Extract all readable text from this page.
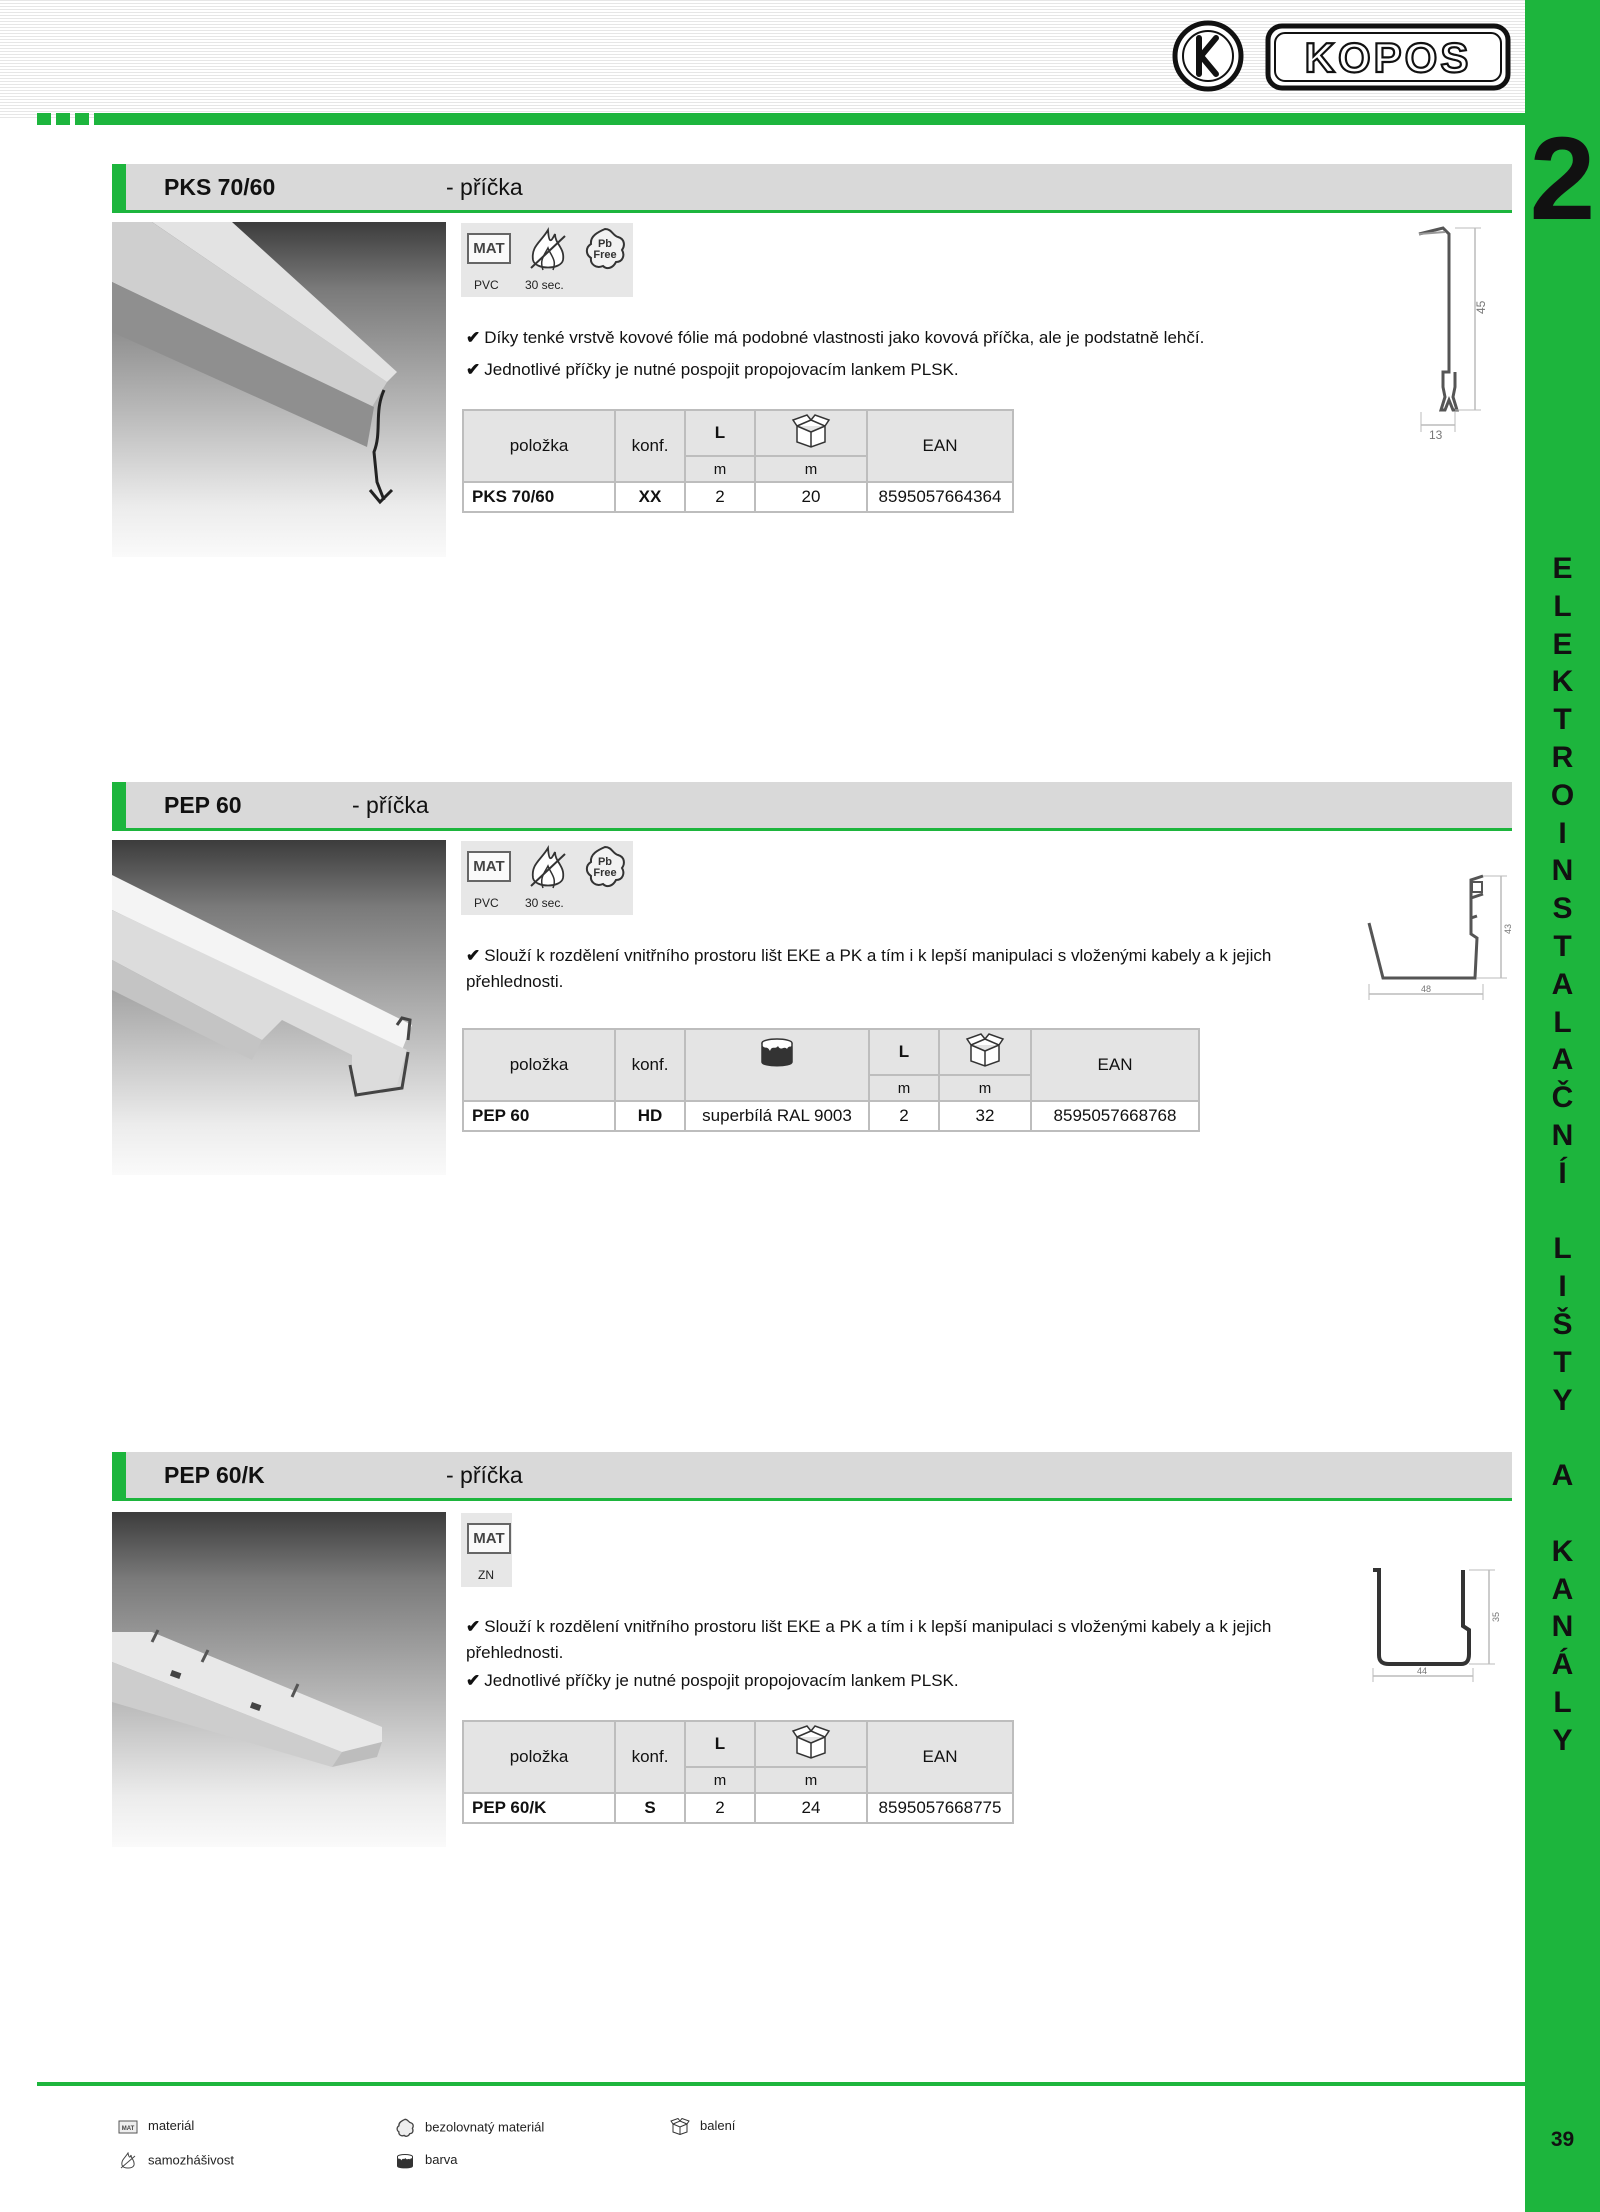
KOPOS
2
E
L
E
K
T
R
O
I
N
S
T
A
L
A
Č
N
Í
L
I
Š
T
Y
A
K
A
N
Á
L
Y
39
PKS 70/60	- příčka
MAT	Pb
Free
PVC 30 sec.
✔ Díky tenké vrstvě kovové fólie má podobné vlastnosti jako kovová příčka, ale je podstatně lehčí.
✔ Jednotlivé příčky je nutné pospojit propojovacím lankem PLSK.
položka	konf.	L		EAN
		m	m	
PKS 70/60	XX	2	20	8595057664364
45
13
PEP 60	- příčka
MAT	Pb
Free
PVC 30 sec.
✔ Slouží k rozdělení vnitřního prostoru lišt EKE a PK a tím i k lepší manipulaci s vloženými kabely a k jejich přehlednosti.
položka	konf.		L		EAN
			m	m	
PEP 60	HD	superbílá RAL 9003	2	32	8595057668768
43
48
PEP 60/K	- příčka
MAT
ZN
✔ Slouží k rozdělení vnitřního prostoru lišt EKE a PK a tím i k lepší manipulaci s vloženými kabely a k jejich přehlednosti.
✔ Jednotlivé příčky je nutné pospojit propojovacím lankem PLSK.
položka	konf.	L		EAN
		m	m	
PEP 60/K	S	2	24	8595057668775
35
44
MAT materiál
samozhášivost
bezolovnatý materiál
barva
balení
